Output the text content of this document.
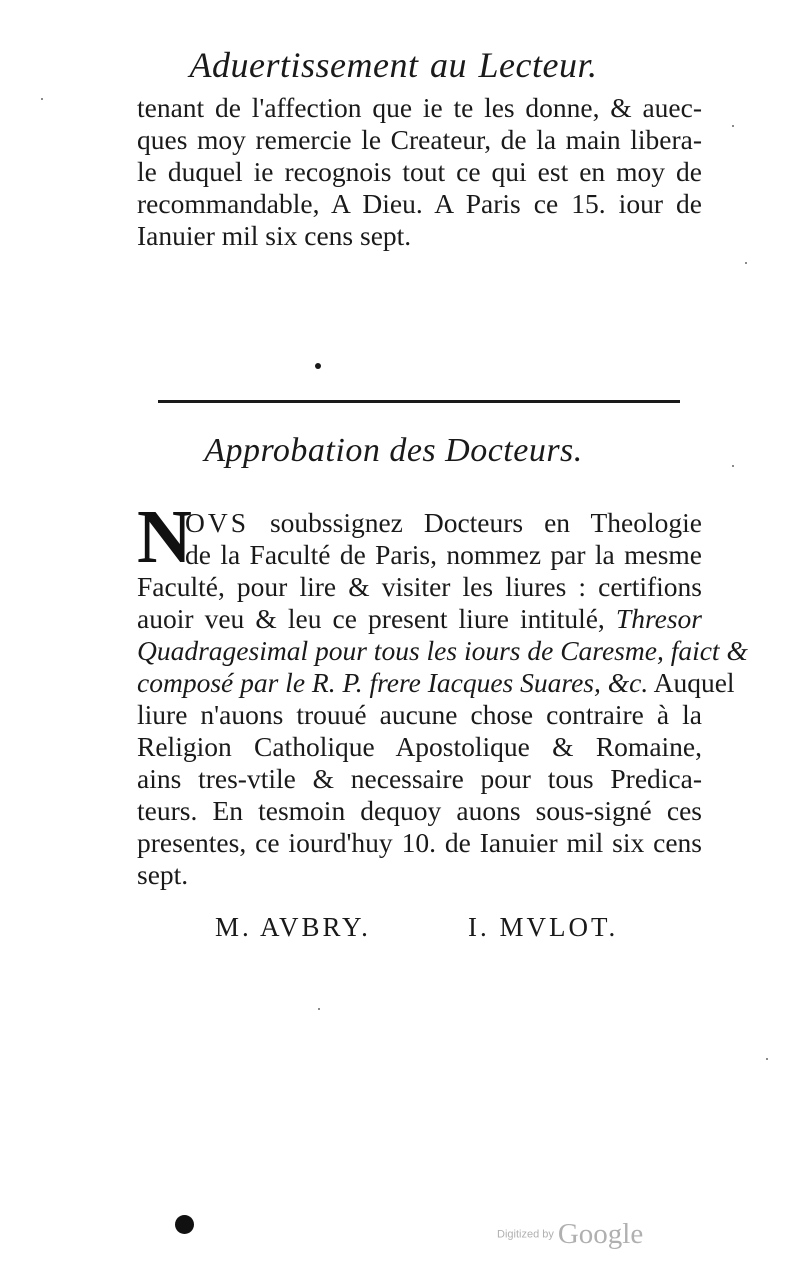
Aduertissement au Lecteur.
tenant de l'affection que ie te les donne, & auec-
ques moy remercie le Createur, de la main libera-
le duquel ie recognois tout ce qui est en moy de
recommandable, A Dieu. A Paris ce 15. iour de
Ianuier mil six cens sept.
Approbation des Docteurs.
N
OVS soubssignez Docteurs en Theologie
de la Faculté de Paris, nommez par la mesme
Faculté, pour lire & visiter les liures : certifions
auoir veu & leu ce present liure intitulé, Thresor
Quadragesimal pour tous les iours de Caresme, faict &
composé par le R. P. frere Iacques Suares, &c. Auquel
liure n'auons trouué aucune chose contraire à la
Religion Catholique Apostolique & Romaine,
ains tres-vtile & necessaire pour tous Predica-
teurs. En tesmoin dequoy auons sous-signé ces
presentes, ce iourd'huy 10. de Ianuier mil six cens
sept.
M. AVBRY.	I. MVLOT.
Digitized by Google
